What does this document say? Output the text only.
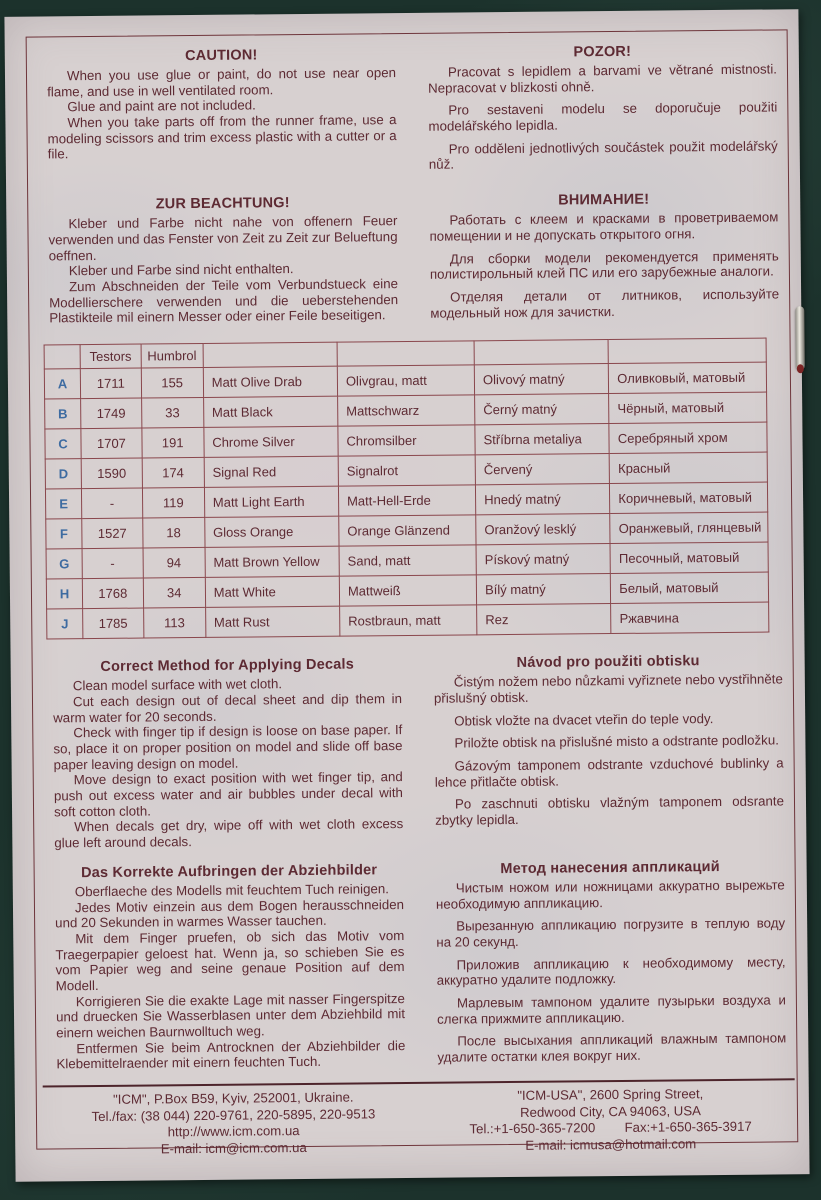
CAUTION!

When you use glue or paint, do not use near open flame, and use in well ventilated room.

Glue and paint are not included.

When you take parts off from the runner frame, use a modeling scissors and trim excess plastic with a cutter or a file.

POZOR!

Pracovat s lepidlem a barvami ve větrané mistnosti. Nepracovat v blizkosti ohně.

Pro sestaveni modelu se doporučuje použiti modelářského lepidla.

Pro odděleni jednotlivých součástek použit modelářský nůž.

ZUR BEACHTUNG!

Kleber und Farbe nicht nahe von offenern Feuer verwenden und das Fenster von Zeit zu Zeit zur Belueftung oeffnen.

Kleber und Farbe sind nicht enthalten.

Zum Abschneiden der Teile vom Verbundstueck eine Modellierschere verwenden und die ueberstehenden Plastikteile mil einern Messer oder einer Feile beseitigen.

ВНИМАНИЕ!

Работать с клеем и красками в проветриваемом помещении и не допускать открытого огня.

Для сборки модели рекомендуется применять полистирольный клей ПС или его зарубежные аналоги.

Отделяя детали от литников, используйте модельный нож для зачистки.

	Testors	Humbrol				
A	1711	155	Matt Olive Drab	Olivgrau, matt	Olivový matný	Оливковый, матовый
B	1749	33	Matt Black	Mattschwarz	Černý matný	Чёрный, матовый
C	1707	191	Chrome Silver	Chromsilber	Stříbrna metaliya	Серебряный хром
D	1590	174	Signal Red	Signalrot	Červený	Красный
E	-	119	Matt Light Earth	Matt-Hell-Erde	Hnedý matný	Коричневый, матовый
F	1527	18	Gloss Orange	Orange Glänzend	Oranžový lesklý	Оранжевый, глянцевый
G	-	94	Matt Brown Yellow	Sand, matt	Pískový matný	Песочный, матовый
H	1768	34	Matt White	Mattweiß	Bílý matný	Белый, матовый
J	1785	113	Matt Rust	Rostbraun, matt	Rez	Ржавчина
Correct Method for Applying Decals

Clean model surface with wet cloth.

Cut each design out of decal sheet and dip them in warm water for 20 seconds.

Check with finger tip if design is loose on base paper. If so, place it on proper position on model and slide off base paper leaving design on model.

Move design to exact position with wet finger tip, and push out excess water and air bubbles under decal with soft cotton cloth.

When decals get dry, wipe off with wet cloth excess glue left around decals.

Návod pro použiti obtisku

Čistým nožem nebo nůzkami vyřiznete nebo vystřihněte přislušný obtisk.

Obtisk vložte na dvacet vteřin do teple vody.

Priložte obtisk na přislušné misto a odstrante podložku.

Gázovým tamponem odstrante vzduchové bublinky a lehce přitlačte obtisk.

Po zaschnuti obtisku vlažným tamponem odsrante zbytky lepidla.

Das Korrekte Aufbringen der Abziehbilder

Oberflaeche des Modells mit feuchtem Tuch reinigen.

Jedes Motiv einzein aus dem Bogen herausschneiden und 20 Sekunden in warmes Wasser tauchen.

Mit dem Finger pruefen, ob sich das Motiv vom Traegerpapier geloest hat. Wenn ja, so schieben Sie es vom Papier weg and seine genaue Position auf dem Modell.

Korrigieren Sie die exakte Lage mit nasser Fingerspitze und druecken Sie Wasserblasen unter dem Abziehbild mit einern weichen Baurnwolltuch weg.

Entfermen Sie beim Antrocknen der Abziehbilder die Klebemittelraender mit einern feuchten Tuch.

Метод нанесения аппликаций

Чистым ножом или ножницами аккуратно вырежьте необходимую аппликацию.

Вырезанную аппликацию погрузите в теплую воду на 20 секунд.

Приложив аппликацию к необходимому месту, аккуратно удалите подложку.

Марлевым тампоном удалите пузырьки воздуха и слегка прижмите аппликацию.

После высыхания аппликаций влажным тампоном удалите остатки клея вокруг них.

"ICM", P.Box B59, Kyiv, 252001, Ukraine.
Tel./fax: (38 044) 220-9761, 220-5895, 220-9513
http://www.icm.com.ua
E-mail: icm@icm.com.ua
"ICM-USA", 2600 Spring Street,
Redwood City, CA 94063, USA
Tel.:+1-650-365-7200        Fax:+1-650-365-3917
E-mail: icmusa@hotmail.com
